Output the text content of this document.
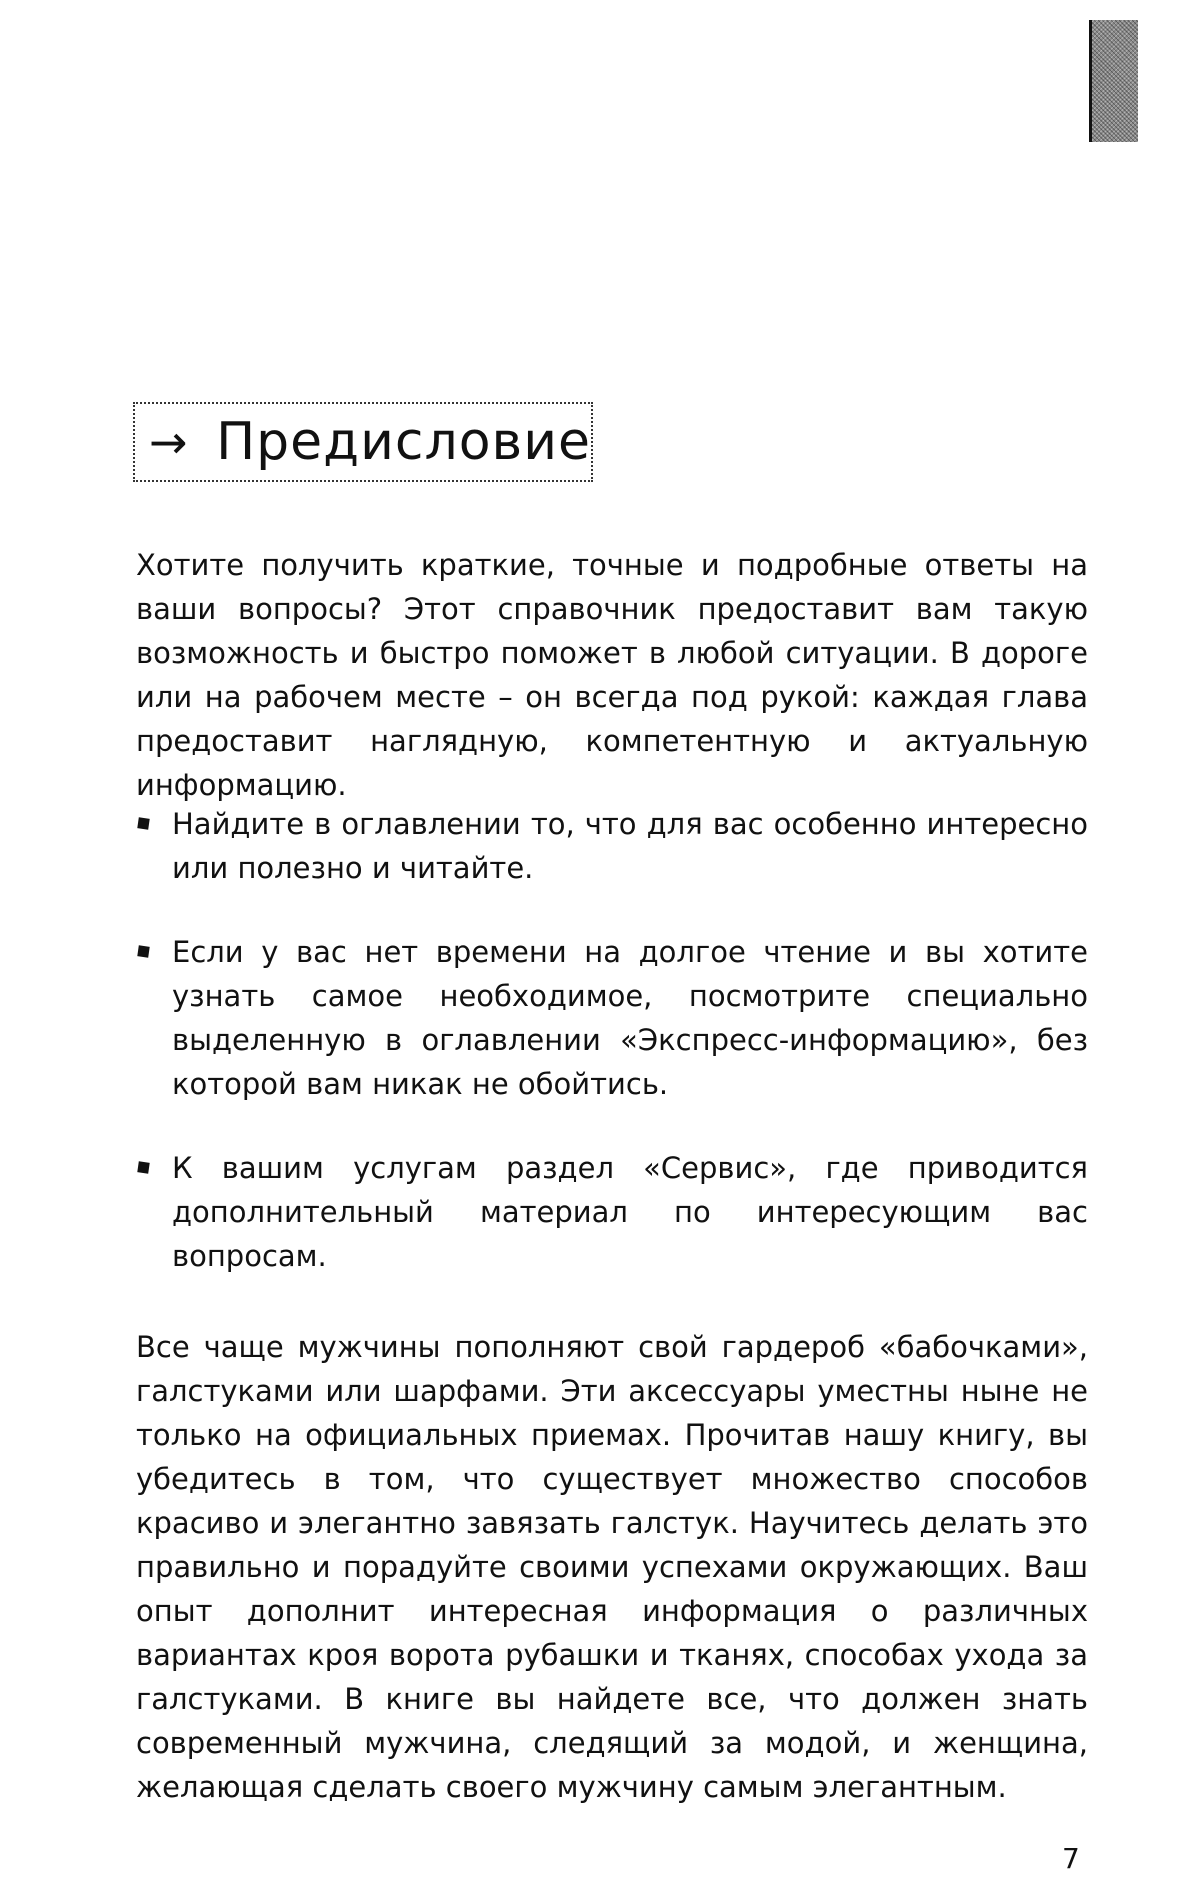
→ Предисловие

Хотите получить краткие, точные и подробные ответы на ваши вопросы? Этот справочник предоставит вам такую возможность и быстро поможет в любой ситуации. В дороге или на рабочем месте – он всегда под рукой: каждая глава предоставит наглядную, компетентную и актуальную информацию.

Найдите в оглавлении то, что для вас особенно интересно или полезно и читайте.
Если у вас нет времени на долгое чтение и вы хотите узнать самое необходимое, посмотрите специально выделенную в оглавлении «Экспресс-информацию», без которой вам никак не обойтись.
К вашим услугам раздел «Сервис», где приводится дополнительный материал по интересующим вас вопросам.

Все чаще мужчины пополняют свой гардероб «бабочками», галстуками или шарфами. Эти аксессуары уместны ныне не только на официальных приемах. Прочитав нашу книгу, вы убедитесь в том, что существует множество способов красиво и элегантно завязать галстук. Научитесь делать это правильно и порадуйте своими успехами окружающих. Ваш опыт дополнит интересная информация о различных вариантах кроя ворота рубашки и тканях, способах ухода за галстуками. В книге вы найдете все, что должен знать современный мужчина, следящий за модой, и женщина, желающая сделать своего мужчину самым элегантным.

7
